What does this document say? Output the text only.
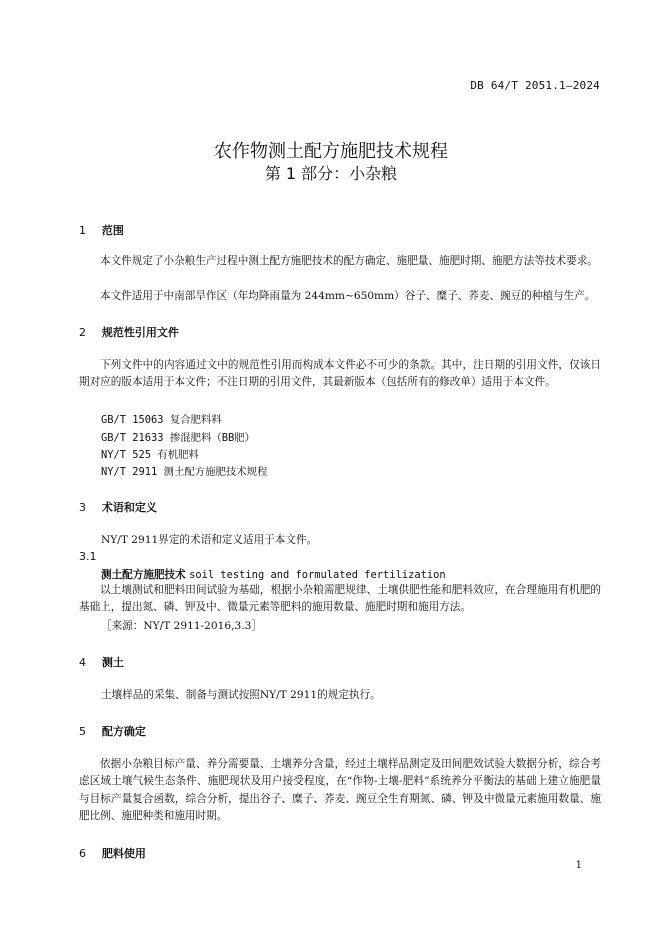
DB 64/T 2051.1—2024
农作物测土配方施肥技术规程
第 1 部分：小杂粮
1 范围
本文件规定了小杂粮生产过程中测土配方施肥技术的配方确定、施肥量、施肥时期、施肥方法等技术要求。
本文件适用于中南部旱作区（年均降雨量为 244mm~650mm）谷子、糜子、荞麦、豌豆的种植与生产。
2 规范性引用文件
下列文件中的内容通过文中的规范性引用而构成本文件必不可少的条款。其中，注日期的引用文件，仅该日期对应的版本适用于本文件；不注日期的引用文件，其最新版本（包括所有的修改单）适用于本文件。
GB/T 15063 复合肥料料
GB/T 21633 掺混肥料（BB肥）
NY/T 525 有机肥料
NY/T 2911 测土配方施肥技术规程
3 术语和定义
NY/T 2911界定的术语和定义适用于本文件。
3.1
测土配方施肥技术 soil testing and formulated fertilization
以土壤测试和肥料田间试验为基础，根据小杂粮需肥规律、土壤供肥性能和肥料效应，在合理施用有机肥的基础上，提出氮、磷、钾及中、微量元素等肥料的施用数量、施肥时期和施用方法。
［来源：NY/T 2911-2016,3.3］
4 测土
土壤样品的采集、制备与测试按照NY/T 2911的规定执行。
5 配方确定
依据小杂粮目标产量、养分需要量、土壤养分含量，经过土壤样品测定及田间肥效试验大数据分析，综合考虑区域土壤气候生态条件、施肥现状及用户接受程度，在“作物-土壤-肥料”系统养分平衡法的基础上建立施肥量与目标产量复合函数，综合分析，提出谷子、糜子、荞麦、豌豆全生育期氮、磷、钾及中微量元素施用数量、施肥比例、施肥种类和施用时期。
6 肥料使用
1
